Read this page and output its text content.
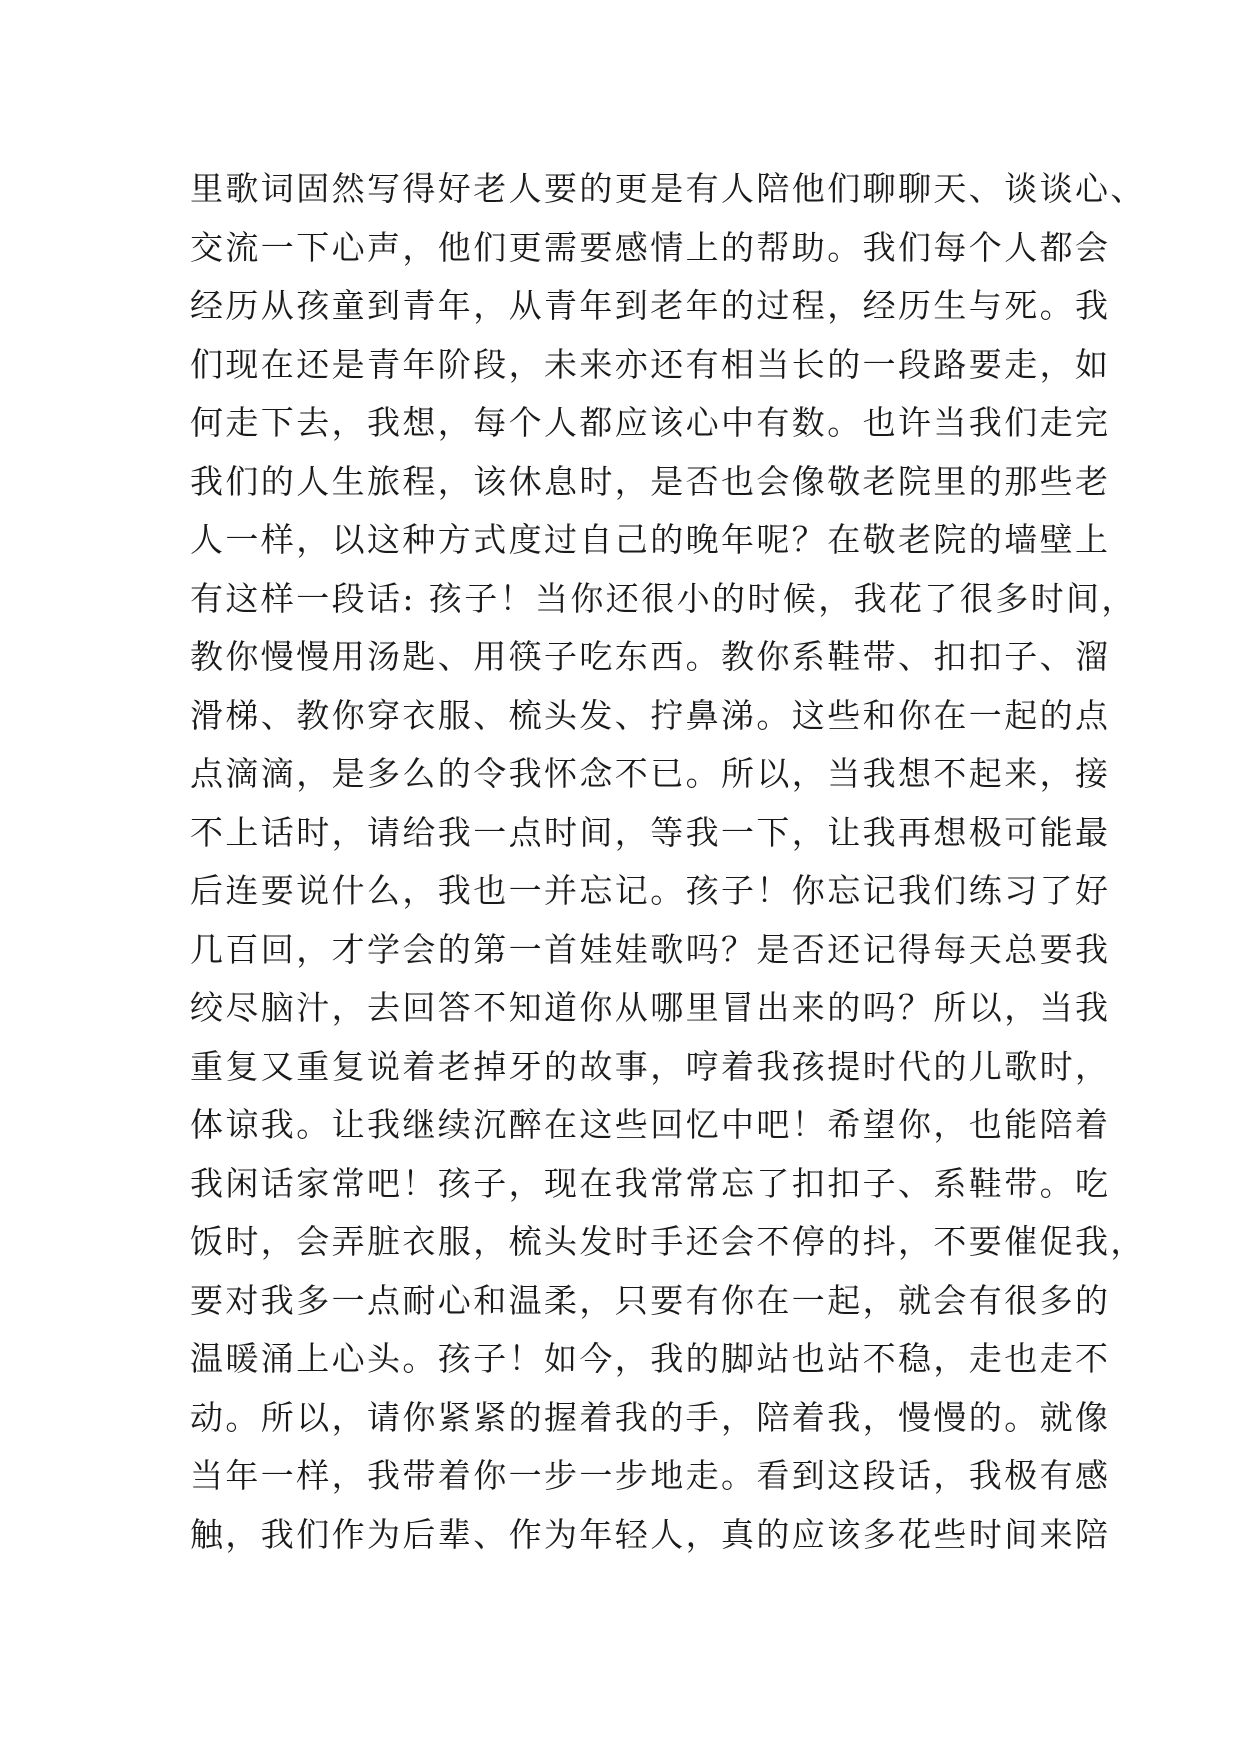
里歌词固然写得好老人要的更是有人陪他们聊聊天、谈谈心、
交流一下心声，他们更需要感情上的帮助。我们每个人都会
经历从孩童到青年，从青年到老年的过程，经历生与死。我
们现在还是青年阶段，未来亦还有相当长的一段路要走，如
何走下去，我想，每个人都应该心中有数。也许当我们走完
我们的人生旅程，该休息时，是否也会像敬老院里的那些老
人一样，以这种方式度过自己的晚年呢？在敬老院的墙壁上
有这样一段话: 孩子！当你还很小的时候，我花了很多时间，
教你慢慢用汤匙、用筷子吃东西。教你系鞋带、扣扣子、溜
滑梯、教你穿衣服、梳头发、拧鼻涕。这些和你在一起的点
点滴滴，是多么的令我怀念不已。所以，当我想不起来，接
不上话时，请给我一点时间，等我一下，让我再想极可能最
后连要说什么，我也一并忘记。孩子！你忘记我们练习了好
几百回，才学会的第一首娃娃歌吗？是否还记得每天总要我
绞尽脑汁，去回答不知道你从哪里冒出来的吗？所以，当我
重复又重复说着老掉牙的故事，哼着我孩提时代的儿歌时，
体谅我。让我继续沉醉在这些回忆中吧！希望你，也能陪着
我闲话家常吧！孩子，现在我常常忘了扣扣子、系鞋带。吃
饭时，会弄脏衣服，梳头发时手还会不停的抖，不要催促我，
要对我多一点耐心和温柔，只要有你在一起，就会有很多的
温暖涌上心头。孩子！如今，我的脚站也站不稳，走也走不
动。所以，请你紧紧的握着我的手，陪着我，慢慢的。就像
当年一样，我带着你一步一步地走。看到这段话，我极有感
触，我们作为后辈、作为年轻人，真的应该多花些时间来陪
